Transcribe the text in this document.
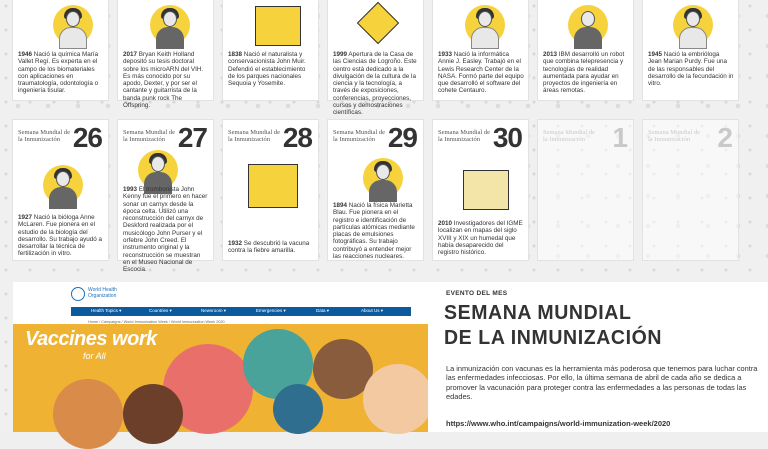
1946 Nació la química María Vallet Regí. Es experta en el campo de los biomateriales con aplicaciones en traumatología, odontología o ingeniería tisular.
2017 Bryan Keith Holland depositó su tesis doctoral sobre los microARN del VIH. Es más conocido por su apodo, Dexter, y por ser el cantante y guitarrista de la banda punk rock The Offspring.
1838 Nació el naturalista y conservacionista John Muir. Defendió el establecimiento de los parques nacionales Sequoia y Yosemite.
1999 Apertura de la Casa de las Ciencias de Logroño. Este centro está dedicado a la divulgación de la cultura de la ciencia y la tecnología, a través de exposiciones, conferencias, proyecciones, cursos y demostraciones científicas.
1933 Nació la informática Annie J. Easley. Trabajó en el Lewis Research Center de la NASA. Formó parte del equipo que desarrolló el software del cohete Centauro.
2013 IBM desarrolló un robot que combina telepresencia y tecnologías de realidad aumentada para ayudar en proyectos de ingeniería en áreas remotas.
1945 Nació la embrióloga Jean Marian Purdy. Fue una de las responsables del desarrollo de la fecundación in vitro.
Semana Mundial de la Inmunización 26
1927 Nació la bióloga Anne McLaren. Fue pionera en el estudio de la biología del desarrollo. Su trabajo ayudó a desarrollar la técnica de fertilización in vitro.
Semana Mundial de la Inmunización 27
1993 El trombonista John Kenny fue el primero en hacer sonar un carnyx desde la época celta. Utilizó una reconstrucción del carnyx de Deskford realizada por el musicólogo John Purser y el orfebre John Creed. El instrumento original y la reconstrucción se muestran en el Museo Nacional de Escocia.
Semana Mundial de la Inmunización 28
1932 Se descubrió la vacuna contra la fiebre amarilla.
Semana Mundial de la Inmunización 29
1894 Nació la física Marietta Blau. Fue pionera en el registro e identificación de partículas atómicas mediante placas de emulsiones fotográficas. Su trabajo contribuyó a entender mejor las reacciones nucleares.
Semana Mundial de la Inmunización 30
2010 Investigadores del IGME localizan en mapas del siglo XVIII y XIX un humedal que había desaparecido del registro histórico.
Semana Mundial de la Inmunización 1	Semana Mundial de la Inmunización 2
World Health Organization
Health Topics ▾	Countries ▾	Newsroom ▾	Emergencies ▾	Data ▾	About Us ▾
Home / Campaigns / World Immunization Week / World Immunization Week 2020
Vaccines work
for All
EVENTO DEL MES
SEMANA MUNDIAL
DE LA INMUNIZACIÓN
La inmunización con vacunas es la herramienta más poderosa que tenemos para luchar contra las enfermedades infecciosas. Por ello, la última semana de abril de cada año se dedica a promover la vacunación para proteger contra las enfermedades a las personas de todas las edades.
https://www.who.int/campaigns/world-immunization-week/2020
